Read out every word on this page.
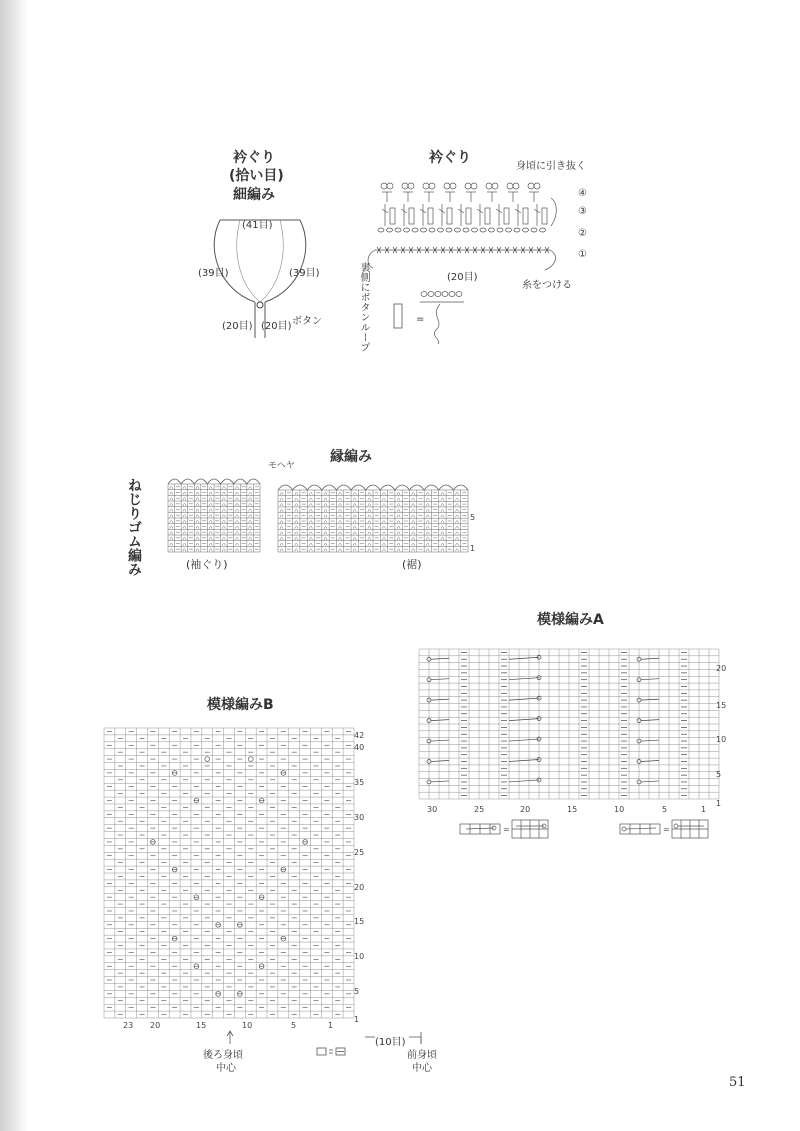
衿ぐり
(拾い目)
細編み
(41目)
(39目)	(39目)
(20目) (20目) ボタン
衿ぐり
身頃に引き抜く
④
③
②
①
(20目)
糸をつける
裏側にボタンループ	=
縁編み
モヘヤ
ねじりゴム編み	5
1
(袖ぐり)	(裾)
模様編みA
20
15
10
5
1
30	25	20	15	10	5	1
=	=
模様編みB
42
40
35
30
25
20
15
10
5
1
23 20	15	10	5	1
後ろ身頃
中心
(10目)
前身頃
中心
51
